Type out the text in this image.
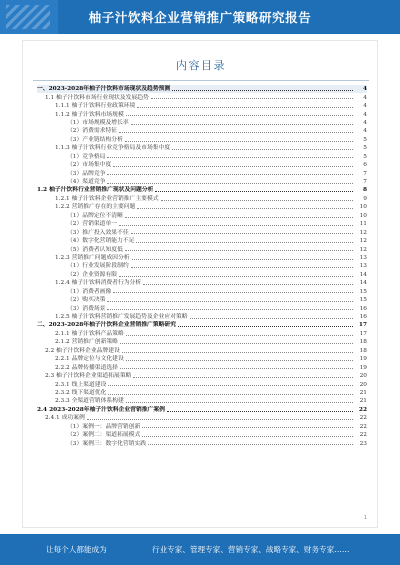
柚子汁饮料企业营销推广策略研究报告
内容目录
一、2023-2028年柚子汁饮料市场现状及趋势预测	4
1.1 柚子汁饮料市场行业现状及发展趋势	4
1.1.1 柚子汁饮料行业政策环境	4
1.1.2 柚子汁饮料市场规模	4
（1）市场规模及增长率	4
（2）消费需求特征	4
（3）产业链结构分析	5
1.1.3 柚子汁饮料行业竞争格局及市场集中度	5
（1）竞争格局	5
（2）市场集中度	6
（3）品牌竞争	7
（4）渠道竞争	7
1.2 柚子汁饮料行业营销推广现状及问题分析	8
1.2.1 柚子汁饮料企业营销推广主要模式	9
1.2.2 营销推广存在的主要问题	10
（1）品牌定位不清晰	10
（2）营销渠道单一	11
（3）推广投入效果不佳	12
（4）数字化营销能力不足	12
（5）消费者认知度低	12
1.2.3 营销推广问题成因分析	13
（1）行业发展阶段制约	13
（2）企业资源有限	14
1.2.4 柚子汁饮料消费者行为分析	14
（1）消费者画像	15
（2）购买决策	15
（3）消费场景	16
1.2.5 柚子汁饮料营销推广发展趋势及企业应对策略	16
二、2023-2028年柚子汁饮料企业营销推广策略研究	17
2.1.1 柚子汁饮料产品策略	17
2.1.2 营销推广创新策略	18
2.2 柚子汁饮料企业品牌建设	18
2.2.1 品牌定位与文化建设	19
2.2.2 品牌传播渠道选择	19
2.3 柚子汁饮料企业渠道拓展策略	20
2.3.1 线上渠道建设	20
2.3.2 线下渠道优化	21
2.3.3 全渠道营销体系构建	21
2.4 2023-2028年柚子汁饮料企业营销推广案例	22
2.4.1 成功案例	22
（1）案例一：品牌营销创新	22
（2）案例二：渠道拓展模式	22
（3）案例三：数字化营销实践	23
1
让每个人都能成为	行业专家、管理专家、营销专家、战略专家、财务专家……
